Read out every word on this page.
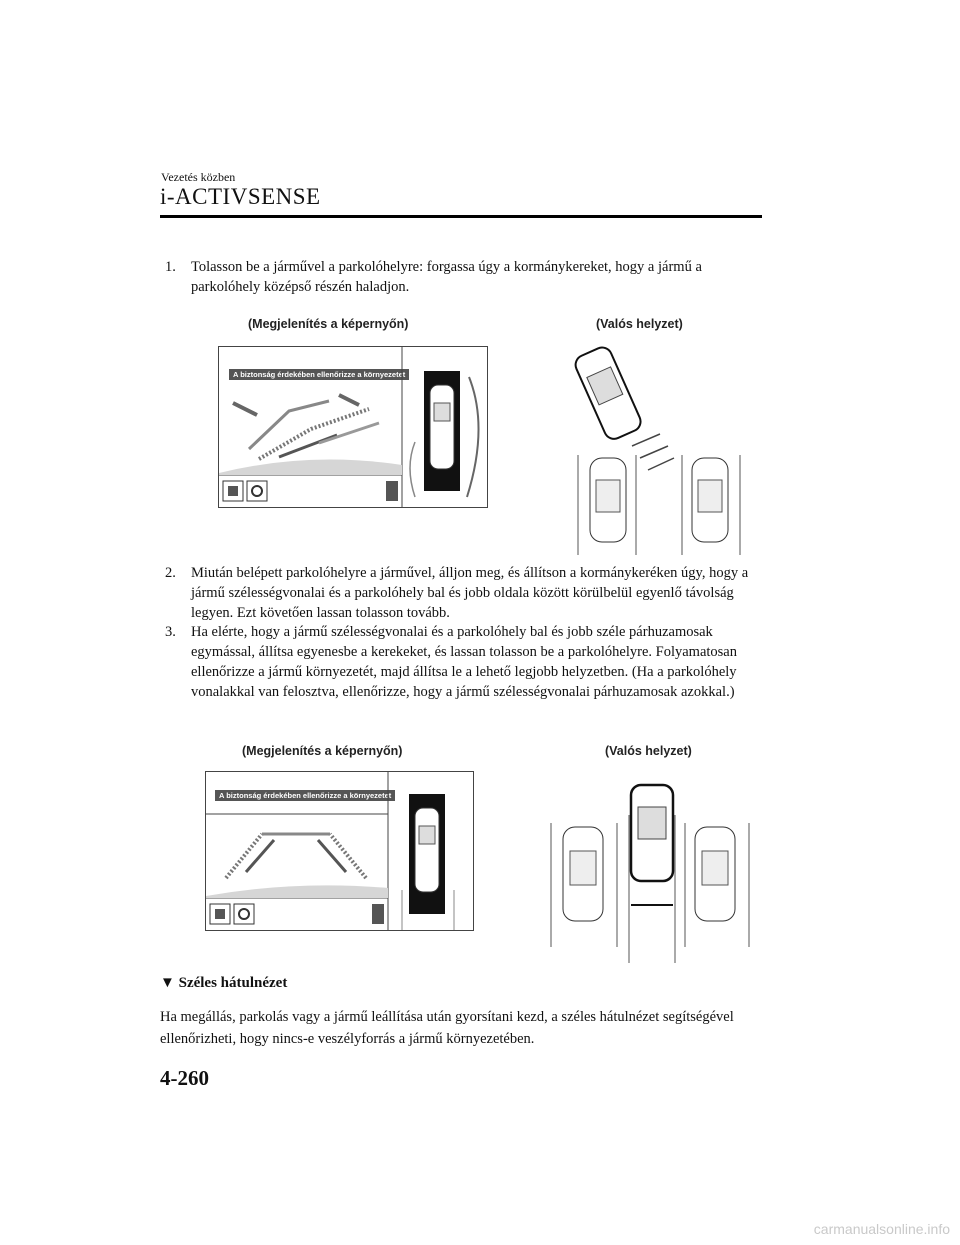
Vezetés közben
i-ACTIVSENSE
1.	Tolasson be a járművel a parkolóhelyre: forgassa úgy a kormánykereket, hogy a jármű a parkolóhely középső részén haladjon.
(Megjelenítés a képernyőn)	(Valós helyzet)
A biztonság érdekében ellenőrizze a környezetet
2.	Miután belépett parkolóhelyre a járművel, álljon meg, és állítson a kormánykeréken úgy, hogy a jármű szélességvonalai és a parkolóhely bal és jobb oldala között körülbelül egyenlő távolság legyen. Ezt követően lassan tolasson tovább.
3.	Ha elérte, hogy a jármű szélességvonalai és a parkolóhely bal és jobb széle párhuzamosak egymással, állítsa egyenesbe a kerekeket, és lassan tolasson be a parkolóhelyre. Folyamatosan ellenőrizze a jármű környezetét, majd állítsa le a lehető legjobb helyzetben. (Ha a parkolóhely vonalakkal van felosztva, ellenőrizze, hogy a jármű szélességvonalai párhuzamosak azokkal.)
(Megjelenítés a képernyőn)	(Valós helyzet)
A biztonság érdekében ellenőrizze a környezetet
▼ Széles hátulnézet
Ha megállás, parkolás vagy a jármű leállítása után gyorsítani kezd, a széles hátulnézet segítségével ellenőrizheti, hogy nincs-e veszélyforrás a jármű környezetében.
4-260
carmanualsonline.info
